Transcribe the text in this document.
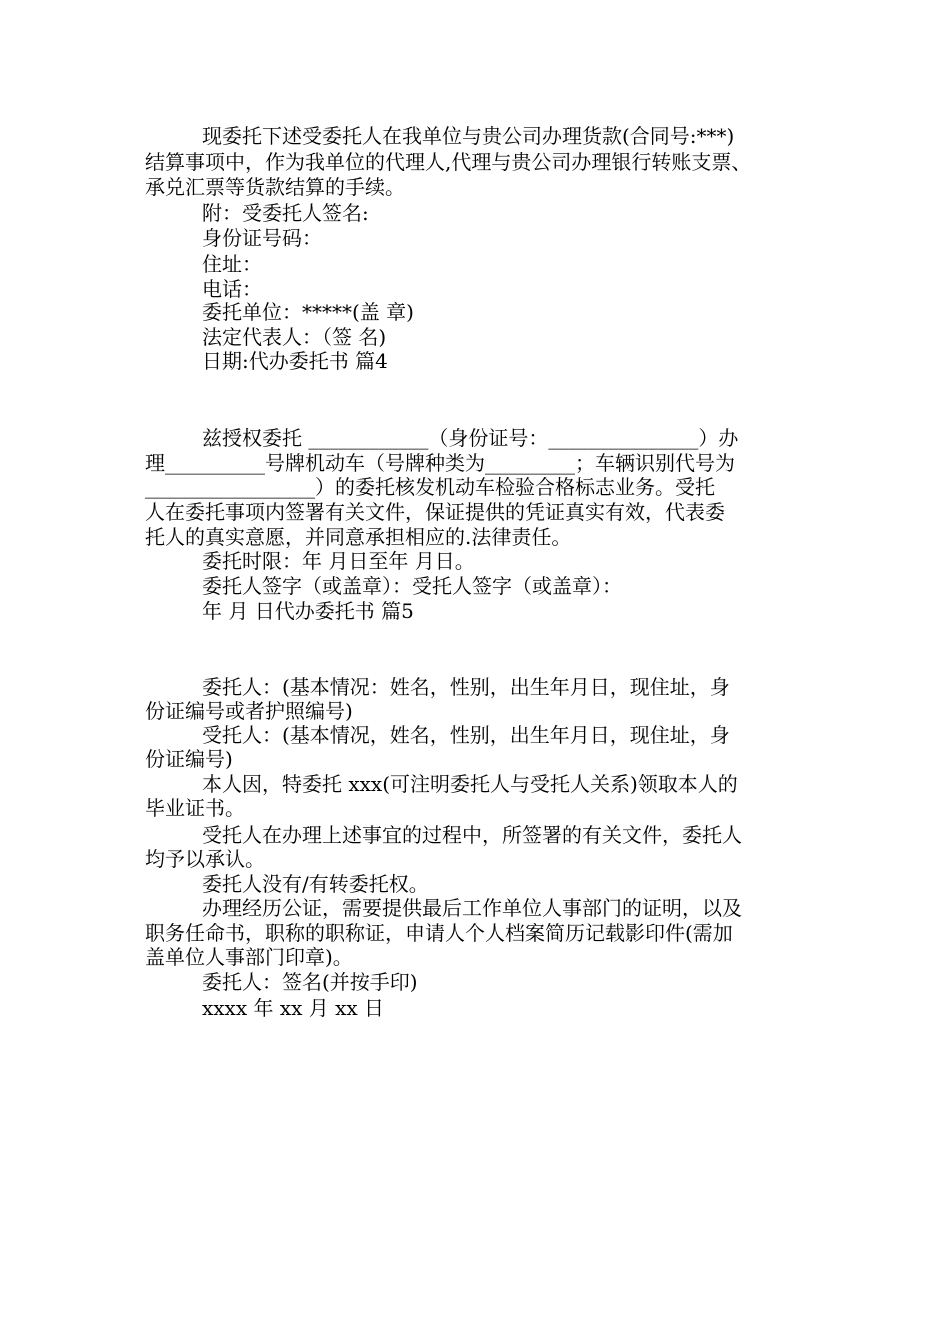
现委托下述受委托人在我单位与贵公司办理货款(合同号:***)
结算事项中，作为我单位的代理人,代理与贵公司办理银行转账支票、
承兑汇票等货款结算的手续。
附：受委托人签名:
身份证号码：
住址：
电话：
委托单位：*****(盖 章)
法定代表人：（签 名)
日期:代办委托书 篇4
兹授权委托 ____________（身份证号：_______________）办
理__________号牌机动车（号牌种类为_________；车辆识别代号为
_________________）的委托核发机动车检验合格标志业务。受托
人在委托事项内签署有关文件，保证提供的凭证真实有效，代表委
托人的真实意愿，并同意承担相应的.法律责任。
委托时限：年 月日至年 月日。
委托人签字（或盖章）：受托人签字（或盖章）：
年 月 日代办委托书 篇5
委托人：(基本情况：姓名，性别，出生年月日，现住址，身
份证编号或者护照编号)
受托人：(基本情况，姓名，性别，出生年月日，现住址，身
份证编号)
本人因，特委托 xxx(可注明委托人与受托人关系)领取本人的
毕业证书。
受托人在办理上述事宜的过程中，所签署的有关文件，委托人
均予以承认。
委托人没有/有转委托权。
办理经历公证，需要提供最后工作单位人事部门的证明，以及
职务任命书，职称的职称证，申请人个人档案简历记载影印件(需加
盖单位人事部门印章)。
委托人：签名(并按手印)
xxxx 年 xx 月 xx 日
